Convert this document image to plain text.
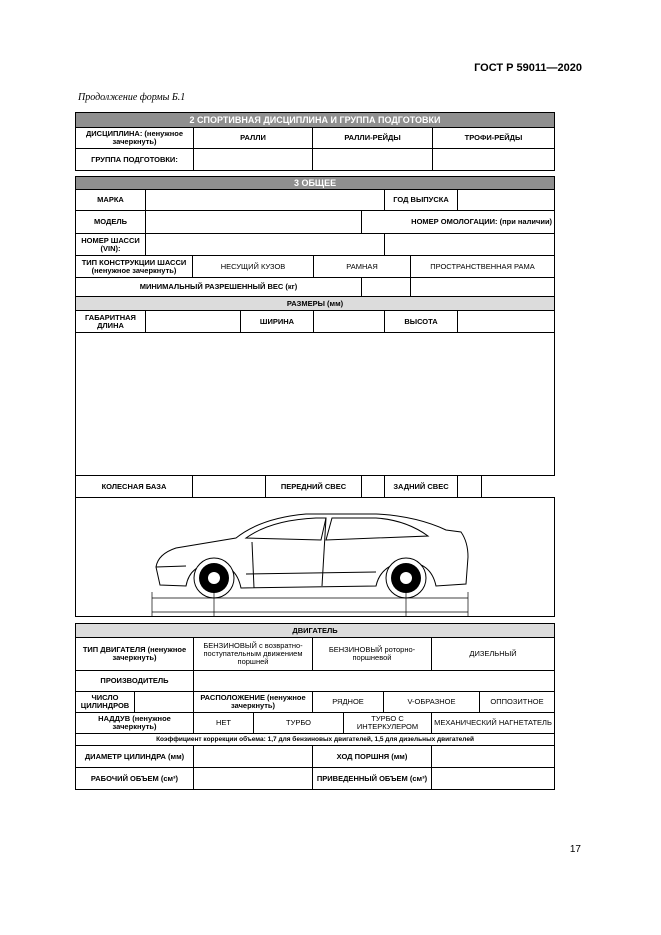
ГОСТ Р 59011—2020
Продолжение формы Б.1
2 СПОРТИВНАЯ ДИСЦИПЛИНА И ГРУППА ПОДГОТОВКИ			
ДИСЦИПЛИНА: (ненужное зачеркнуть)	РАЛЛИ	РАЛЛИ-РЕЙДЫ	ТРОФИ-РЕЙДЫ
ГРУППА ПОДГОТОВКИ:			
3 ОБЩЕЕ										
МАРКА							ГОД ВЫПУСКА			
МОДЕЛЬ						НОМЕР ОМОЛОГАЦИИ: (при наличии)				
НОМЕР ШАССИ (VIN):										
ТИП КОНСТРУКЦИИ ШАССИ (ненужное зачеркнуть)		НЕСУЩИЙ КУЗОВ			РАМНАЯ			ПРОСТРАНСТВЕННАЯ РАМА		
МИНИМАЛЬНЫЙ РАЗРЕШЕННЫЙ ВЕС (кг)										
РАЗМЕРЫ (мм)										
ГАБАРИТНАЯ ДЛИНА			ШИРИНА				ВЫСОТА			

КОЛЕСНАЯ БАЗА				ПЕРЕДНИЙ СВЕС			ЗАДНИЙ СВЕС			

ДВИГАТЕЛЬ								
ТИП ДВИГАТЕЛЯ (ненужное зачеркнуть)		БЕНЗИНОВЫЙ с возвратно-поступательным движением поршней		БЕНЗИНОВЫЙ роторно-поршневой			ДИЗЕЛЬНЫЙ	
ПРОИЗВОДИТЕЛЬ								
ЧИСЛО ЦИЛИНДРОВ		РАСПОЛОЖЕНИЕ (ненужное зачеркнуть)		РЯДНОЕ		V-ОБРАЗНОЕ		ОППОЗИТНОЕ
НАДДУВ (ненужное зачеркнуть)		НЕТ	ТУРБО		ТУРБО С ИНТЕРКУЛЕРОМ		МЕХАНИЧЕСКИЙ НАГНЕТАТЕЛЬ	
Коэффициент коррекции объема: 1,7 для бензиновых двигателей, 1,5 для дизельных двигателей								
ДИАМЕТР ЦИЛИНДРА (мм)				ХОД ПОРШНЯ (мм)				
РАБОЧИЙ ОБЪЕМ (см³)				ПРИВЕДЕННЫЙ ОБЪЕМ (см³)				
17
